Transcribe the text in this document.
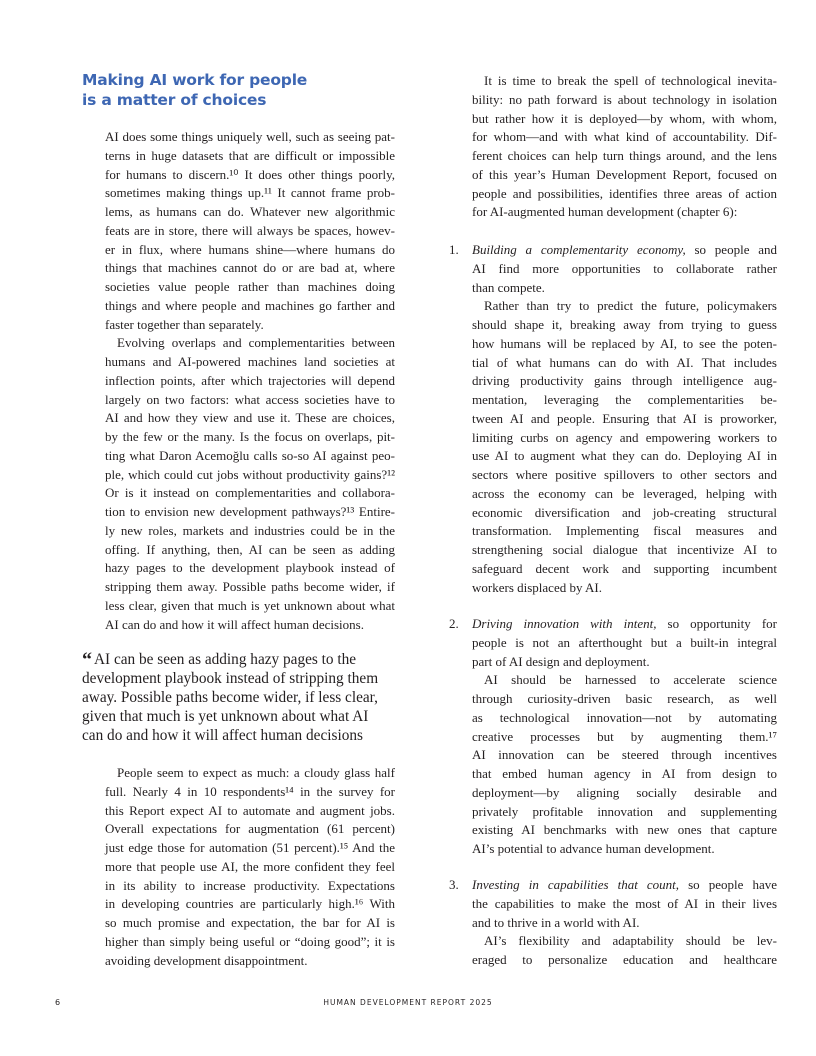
Making AI work for people
is a matter of choices
AI does some things uniquely well, such as seeing pat-
terns in huge datasets that are difficult or impossible
for humans to discern.¹⁰ It does other things poorly,
sometimes making things up.¹¹ It cannot frame prob-
lems, as humans can do. Whatever new algorithmic
feats are in store, there will always be spaces, howev-
er in flux, where humans shine—where humans do
things that machines cannot do or are bad at, where
societies value people rather than machines doing
things and where people and machines go farther and
faster together than separately.
Evolving overlaps and complementarities between
humans and AI-powered machines land societies at
inflection points, after which trajectories will depend
largely on two factors: what access societies have to
AI and how they view and use it. These are choices,
by the few or the many. Is the focus on overlaps, pit-
ting what Daron Acemoğlu calls so-so AI against peo-
ple, which could cut jobs without productivity gains?¹²
Or is it instead on complementarities and collabora-
tion to envision new development pathways?¹³ Entire-
ly new roles, markets and industries could be in the
offing. If anything, then, AI can be seen as adding
hazy pages to the development playbook instead of
stripping them away. Possible paths become wider, if
less clear, given that much is yet unknown about what
AI can do and how it will affect human decisions.
“ AI can be seen as adding hazy pages to the
development playbook instead of stripping them
away. Possible paths become wider, if less clear,
given that much is yet unknown about what AI
can do and how it will affect human decisions
People seem to expect as much: a cloudy glass half
full. Nearly 4 in 10 respondents¹⁴ in the survey for
this Report expect AI to automate and augment jobs.
Overall expectations for augmentation (61 percent)
just edge those for automation (51 percent).¹⁵ And the
more that people use AI, the more confident they feel
in its ability to increase productivity. Expectations
in developing countries are particularly high.¹⁶ With
so much promise and expectation, the bar for AI is
higher than simply being useful or “doing good”; it is
avoiding development disappointment.
It is time to break the spell of technological inevita-
bility: no path forward is about technology in isolation
but rather how it is deployed—by whom, with whom,
for whom—and with what kind of accountability. Dif-
ferent choices can help turn things around, and the lens
of this year’s Human Development Report, focused on
people and possibilities, identifies three areas of action
for AI-augmented human development (chapter 6):
1. Building a complementarity economy, so people and
AI find more opportunities to collaborate rather
than compete.
Rather than try to predict the future, policymakers
should shape it, breaking away from trying to guess
how humans will be replaced by AI, to see the poten-
tial of what humans can do with AI. That includes
driving productivity gains through intelligence aug-
mentation, leveraging the complementarities be-
tween AI and people. Ensuring that AI is proworker,
limiting curbs on agency and empowering workers to
use AI to augment what they can do. Deploying AI in
sectors where positive spillovers to other sectors and
across the economy can be leveraged, helping with
economic diversification and job-creating structural
transformation. Implementing fiscal measures and
strengthening social dialogue that incentivize AI to
safeguard decent work and supporting incumbent
workers displaced by AI.
2. Driving innovation with intent, so opportunity for
people is not an afterthought but a built-in integral
part of AI design and deployment.
AI should be harnessed to accelerate science
through curiosity-driven basic research, as well
as technological innovation—not by automating
creative processes but by augmenting them.¹⁷
AI innovation can be steered through incentives
that embed human agency in AI from design to
deployment—by aligning socially desirable and
privately profitable innovation and supplementing
existing AI benchmarks with new ones that capture
AI’s potential to advance human development.
3. Investing in capabilities that count, so people have
the capabilities to make the most of AI in their lives
and to thrive in a world with AI.
AI’s flexibility and adaptability should be lev-
eraged to personalize education and healthcare
6	HUMAN DEVELOPMENT REPORT 2025
